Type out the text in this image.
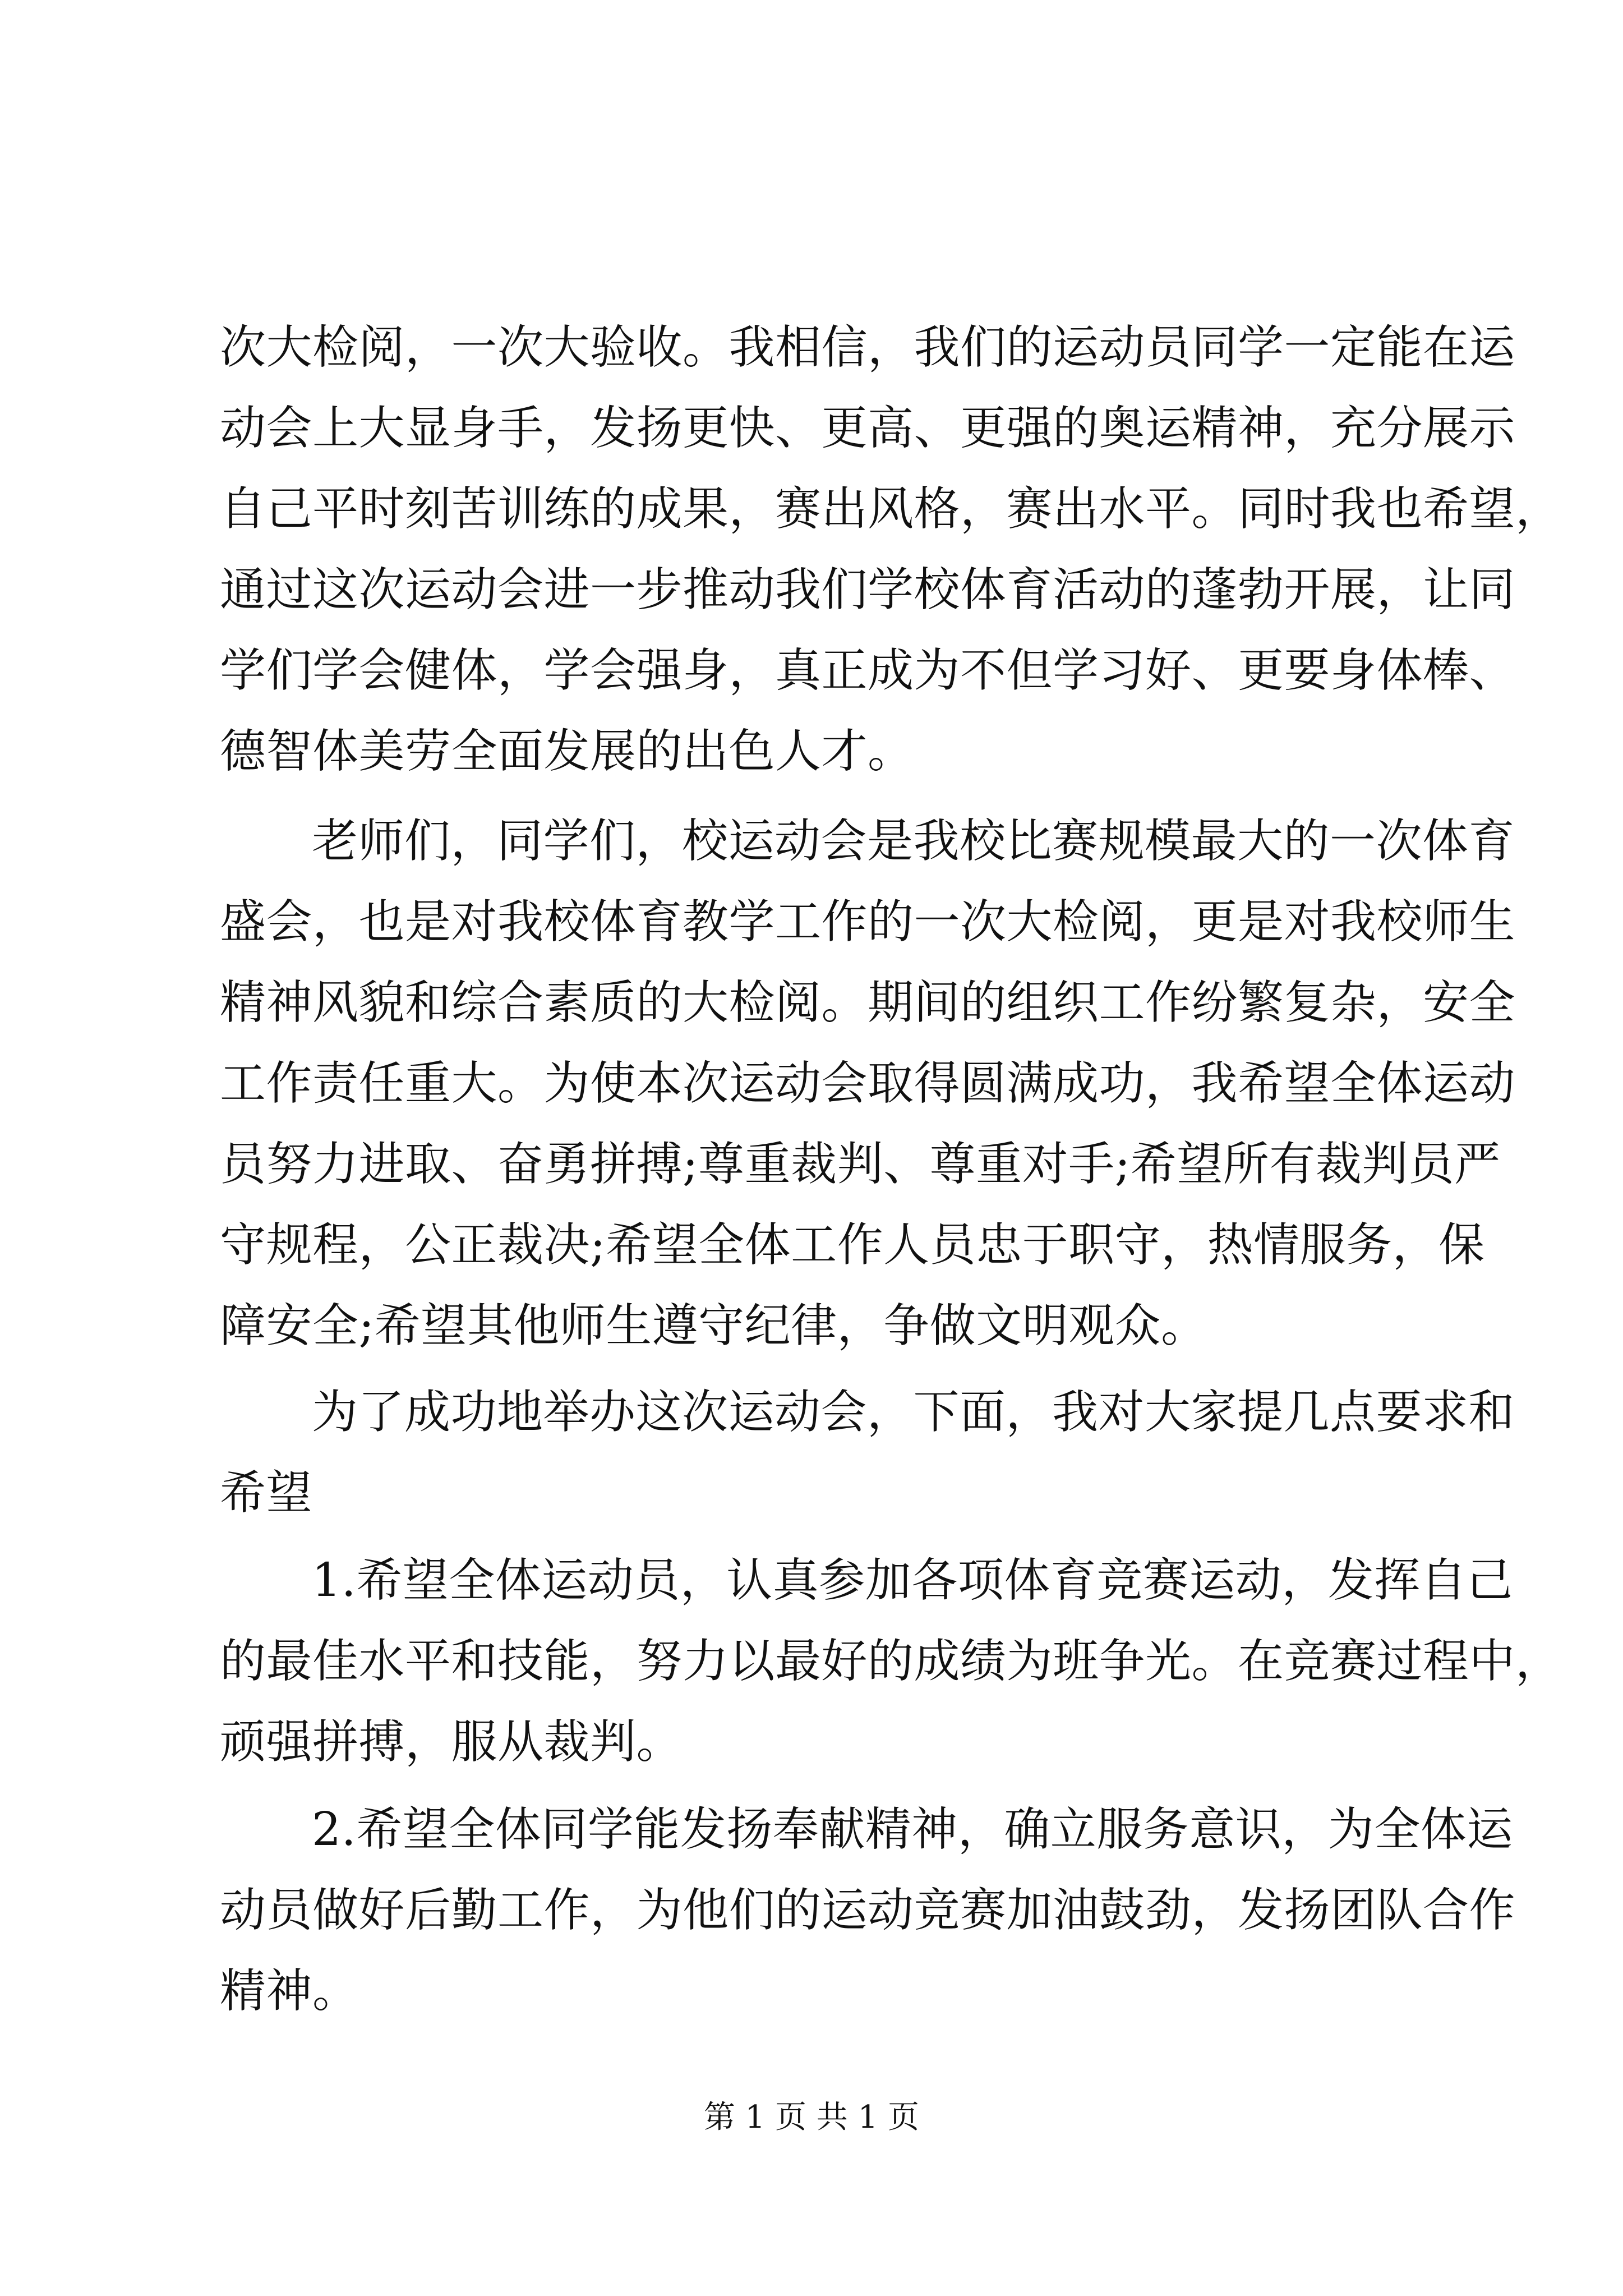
次大检阅，一次大验收。我相信，我们的运动员同学一定能在运
动会上大显身手，发扬更快、更高、更强的奥运精神，充分展示
自己平时刻苦训练的成果，赛出风格，赛出水平。同时我也希望，
通过这次运动会进一步推动我们学校体育活动的蓬勃开展，让同
学们学会健体，学会强身，真正成为不但学习好、更要身体棒、
德智体美劳全面发展的出色人才。
老师们，同学们，校运动会是我校比赛规模最大的一次体育
盛会，也是对我校体育教学工作的一次大检阅，更是对我校师生
精神风貌和综合素质的大检阅。期间的组织工作纷繁复杂，安全
工作责任重大。为使本次运动会取得圆满成功，我希望全体运动
员努力进取、奋勇拼搏;尊重裁判、尊重对手;希望所有裁判员严
守规程，公正裁决;希望全体工作人员忠于职守，热情服务，保
障安全;希望其他师生遵守纪律，争做文明观众。
为了成功地举办这次运动会，下面，我对大家提几点要求和
希望
1.希望全体运动员，认真参加各项体育竞赛运动，发挥自己
的最佳水平和技能，努力以最好的成绩为班争光。在竞赛过程中，
顽强拼搏，服从裁判。
2.希望全体同学能发扬奉献精神，确立服务意识，为全体运
动员做好后勤工作，为他们的运动竞赛加油鼓劲，发扬团队合作
精神。
第 1 页 共 1 页
